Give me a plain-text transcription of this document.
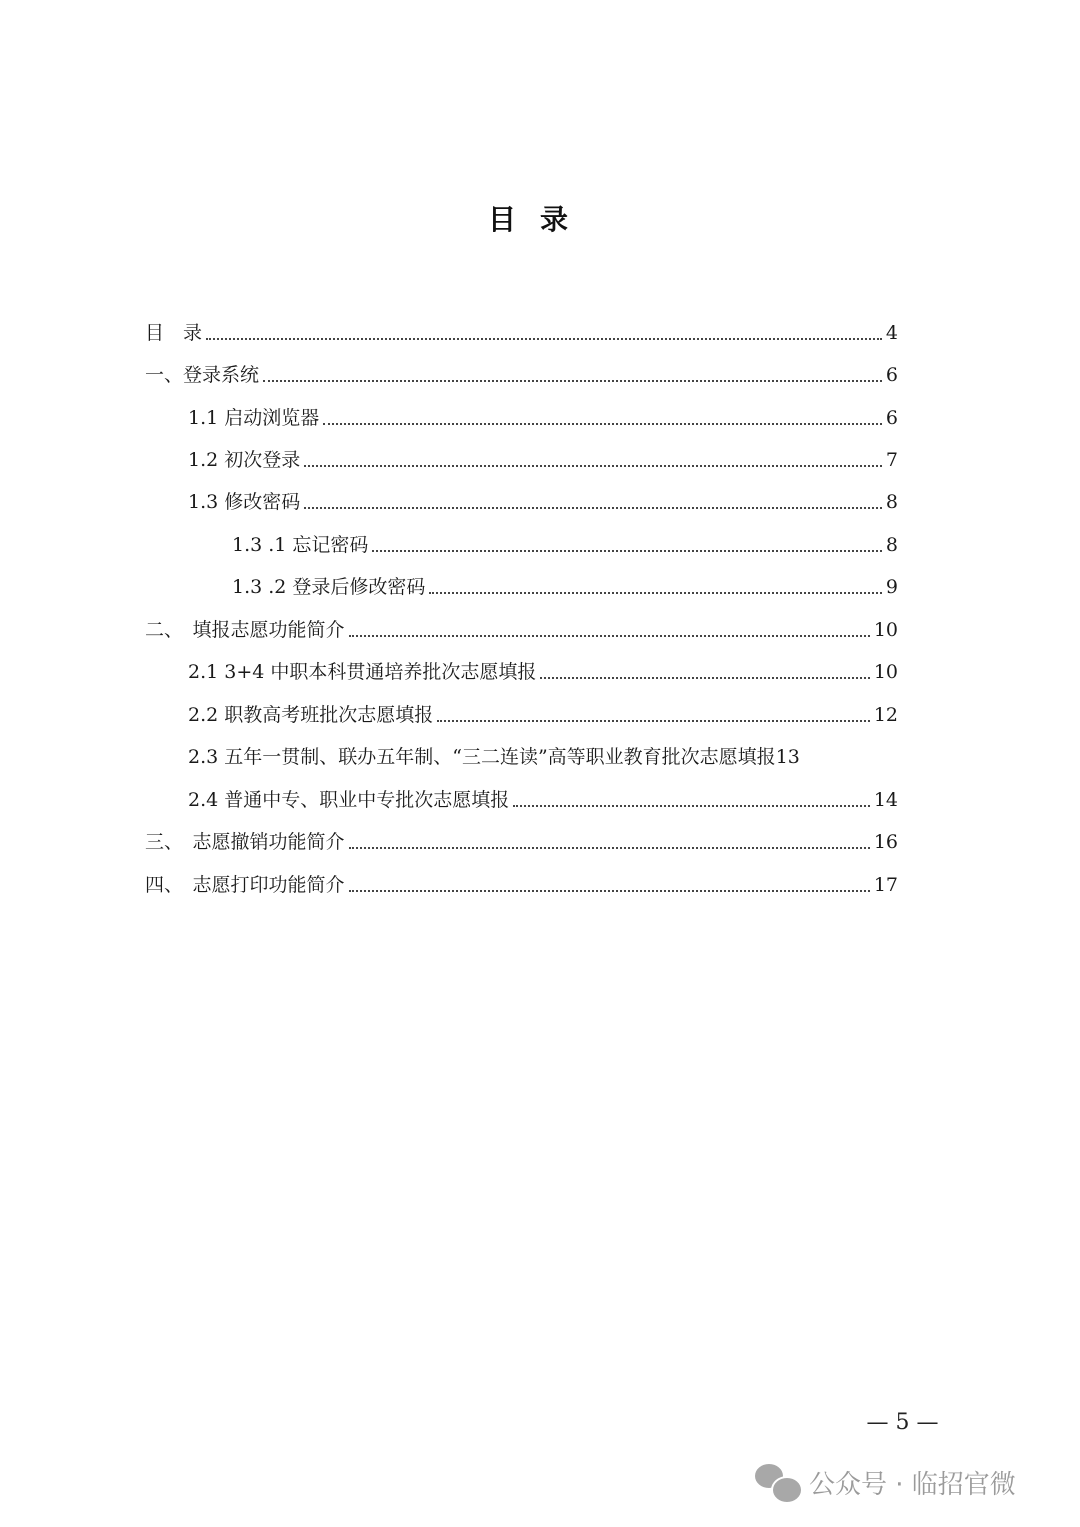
目录
目　录	4
一、登录系统	6
1.1 启动浏览器	6
1.2 初次登录	7
1.3 修改密码	8
1.3 .1 忘记密码	8
1.3 .2 登录后修改密码	9
二、　填报志愿功能简介	10
2.1 3+4 中职本科贯通培养批次志愿填报	10
2.2 职教高考班批次志愿填报	12
2.3 五年一贯制、联办五年制、“三二连读”高等职业教育批次志愿填报 13
2.4 普通中专、职业中专批次志愿填报	14
三、　志愿撤销功能简介	16
四、　志愿打印功能简介	17
— 5 —
公众号 · 临招官微
